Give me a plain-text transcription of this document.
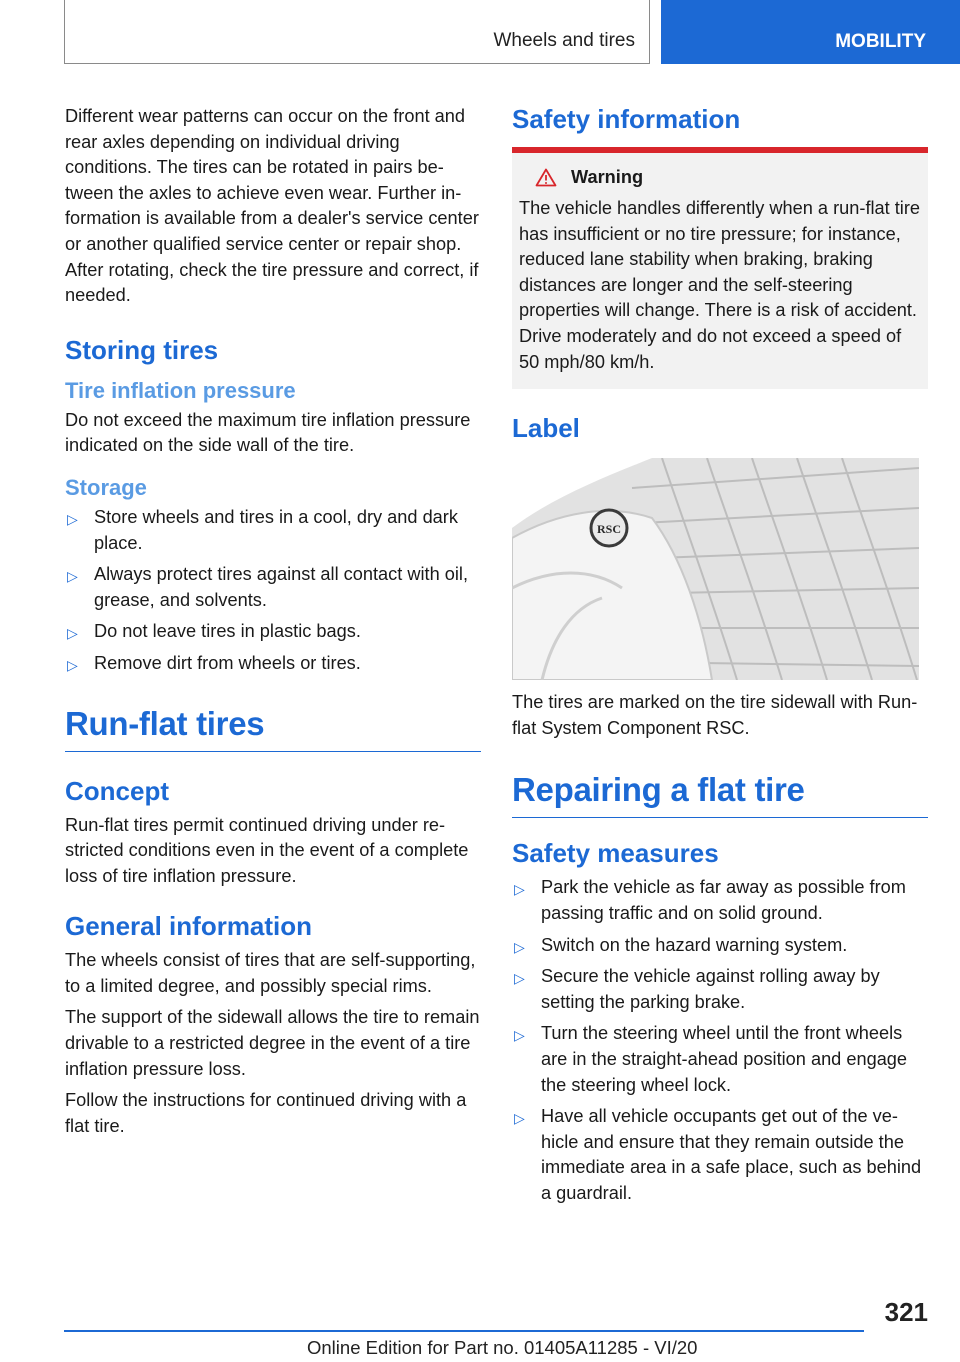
Wheels and tires	MOBILITY

Different wear patterns can occur on the front and rear axles depending on individual driving conditions. The tires can be rotated in pairs between the axles to achieve even wear. Further information is available from a dealer's service center or another qualified service center or repair shop. After rotating, check the tire pressure and correct, if needed.

Storing tires
Tire inflation pressure

Do not exceed the maximum tire inflation pressure indicated on the side wall of the tire.

Storage
▷ Store wheels and tires in a cool, dry and dark place.
▷ Always protect tires against all contact with oil, grease, and solvents.
▷ Do not leave tires in plastic bags.
▷ Remove dirt from wheels or tires.
Run-flat tires
Concept

Run-flat tires permit continued driving under restricted conditions even in the event of a complete loss of tire inflation pressure.

General information

The wheels consist of tires that are self-supporting, to a limited degree, and possibly special rims.

The support of the sidewall allows the tire to remain drivable to a restricted degree in the event of a tire inflation pressure loss.

Follow the instructions for continued driving with a flat tire.

Safety information
Warning

The vehicle handles differently when a run-flat tire has insufficient or no tire pressure; for instance, reduced lane stability when braking, braking distances are longer and the self-steering properties will change. There is a risk of accident. Drive moderately and do not exceed a speed of 50 mph/80 km/h.

Label
RSC

The tires are marked on the tire sidewall with Run-flat System Component RSC.

Repairing a flat tire
Safety measures
▷ Park the vehicle as far away as possible from passing traffic and on solid ground.
▷ Switch on the hazard warning system.
▷ Secure the vehicle against rolling away by setting the parking brake.
▷ Turn the steering wheel until the front wheels are in the straight-ahead position and engage the steering wheel lock.
▷ Have all vehicle occupants get out of the vehicle and ensure that they remain outside the immediate area in a safe place, such as behind a guardrail.
321
Online Edition for Part no. 01405A11285 - VI/20
